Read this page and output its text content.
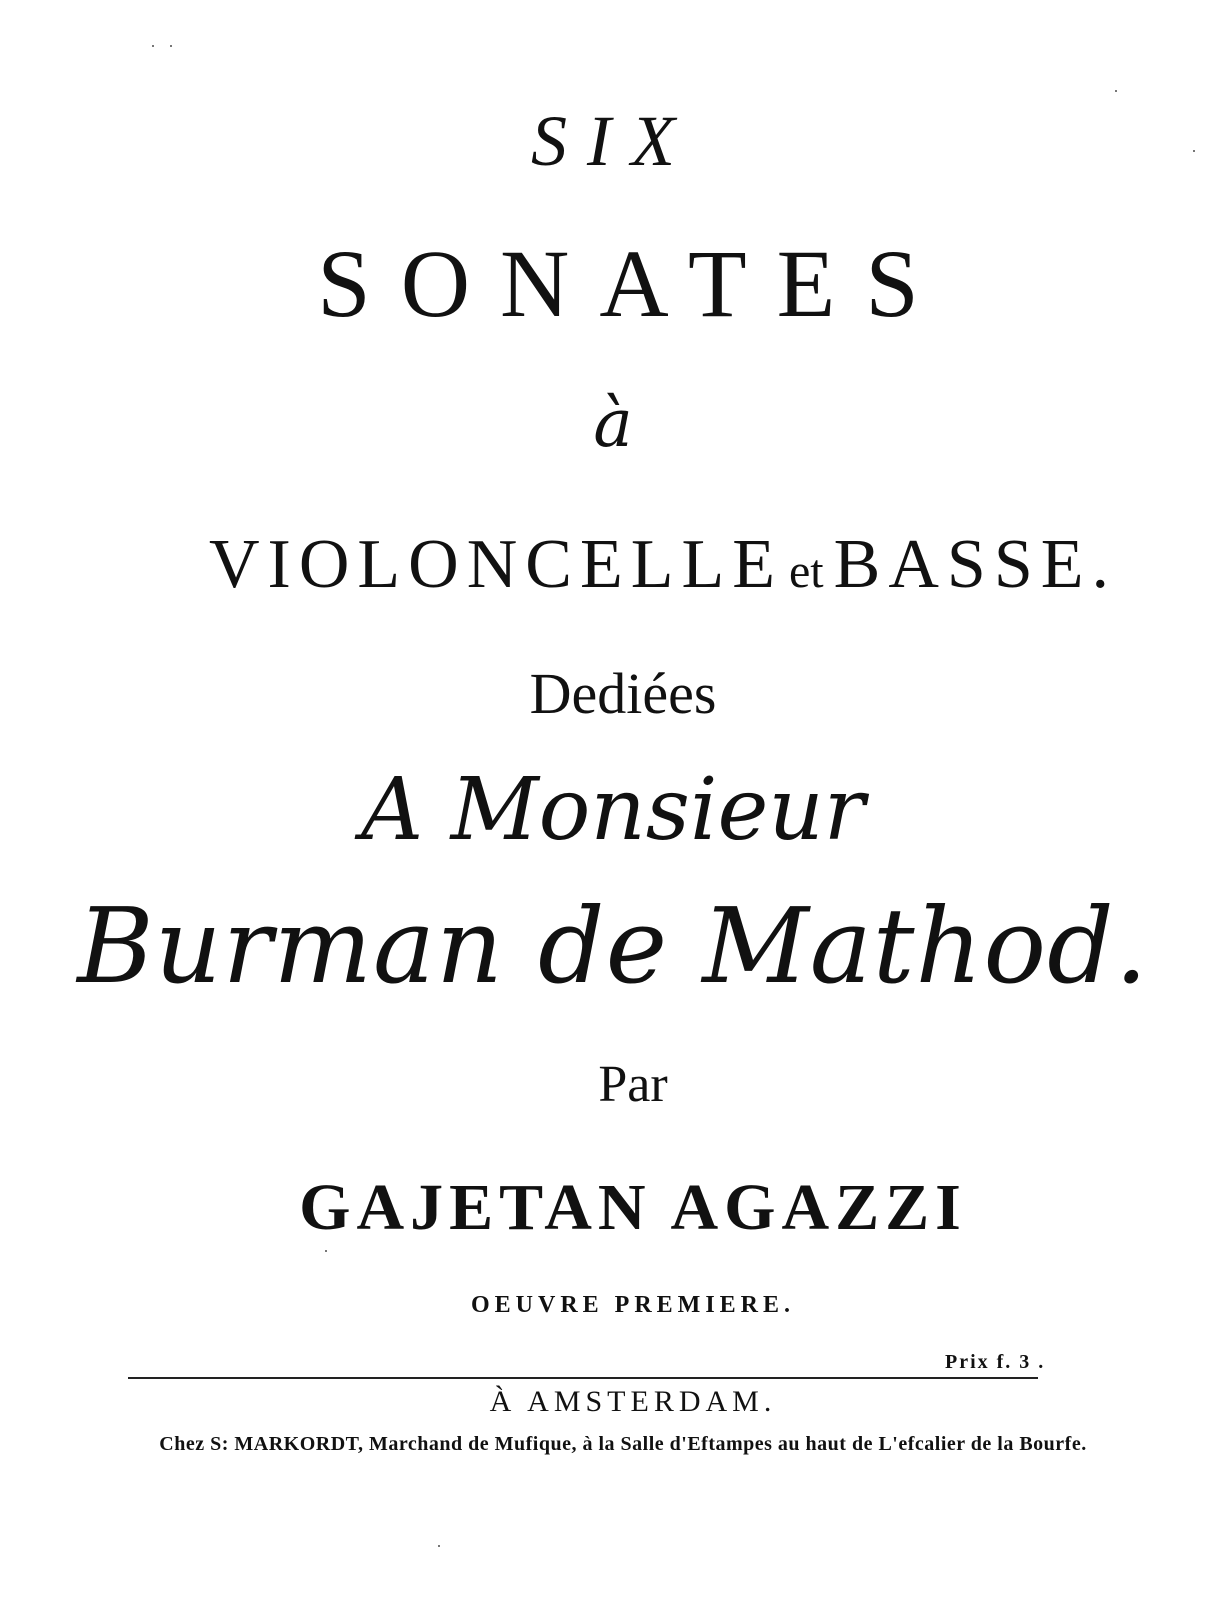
SIX
SONATES
à
VIOLONCELLE et BASSE.
Dediées
A Monsieur
Burman de Mathod.
Par
GAJETAN AGAZZI
OEUVRE PREMIERE.
Prix f. 3 .
À AMSTERDAM.
Chez S: MARKORDT, Marchand de Mufique, à la Salle d'Eftampes au haut de L'efcalier de la Bourfe.
